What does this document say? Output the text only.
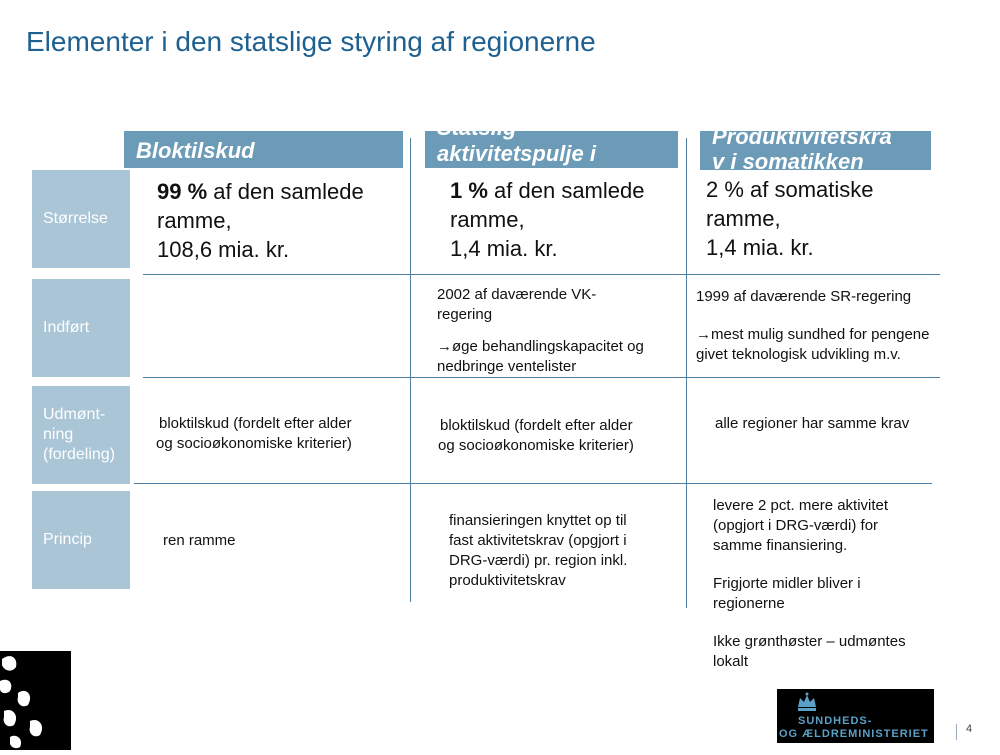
Elementer i den statslige styring af regionerne
Bloktilskud
Statslig
aktivitetspulje i
Produktivitetskra
v i somatikken
Størrelse
Indført
Udmønt-
ning
(fordeling)
Princip
99 % af den samlede
ramme,
108,6 mia. kr.
1 % af den samlede
ramme,
1,4 mia. kr.
2 % af somatiske
ramme,
1,4 mia. kr.

2002 af daværende VK-

regering

→øge behandlingskapacitet og

nedbringe ventelister

1999 af daværende SR-regering

→mest mulig sundhed for pengene

givet teknologisk udvikling m.v.

bloktilskud (fordelt efter alder

og socioøkonomiske kriterier)

bloktilskud (fordelt efter alder

og socioøkonomiske kriterier)

alle regioner har samme krav

ren ramme

finansieringen knyttet op til

fast aktivitetskrav (opgjort i

DRG-værdi) pr. region inkl.

produktivitetskrav

levere 2 pct. mere aktivitet

(opgjort i DRG-værdi) for

samme finansiering.

Frigjorte midler bliver i

regionerne

Ikke grønthøster – udmøntes

lokalt

SUNDHEDS-
OG ÆLDREMINISTERIET	4
